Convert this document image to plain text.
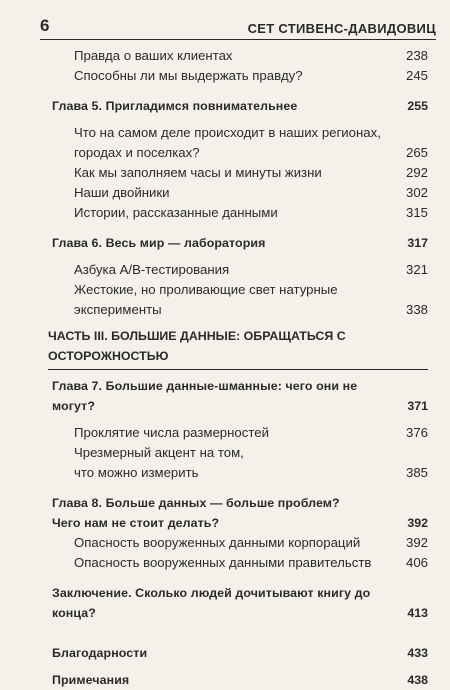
6	СЕТ СТИВЕНС-ДАВИДОВИЦ
Правда о ваших клиентах	238
Способны ли мы выдержать правду?	245
Глава 5. Пригладимся повнимательнее	255
Что на самом деле происходит в наших регионах,
городах и поселках?	265
Как мы заполняем часы и минуты жизни	292
Наши двойники	302
Истории, рассказанные данными	315
Глава 6. Весь мир — лаборатория	317
Азбука A/B-тестирования	321
Жестокие, но проливающие свет натурные
эксперименты	338
ЧАСТЬ III. БОЛЬШИЕ ДАННЫЕ: ОБРАЩАТЬСЯ С ОСТОРОЖНОСТЬЮ
Глава 7. Большие данные-шманные: чего они не могут?	371
Проклятие числа размерностей	376
Чрезмерный акцент на том,
что можно измерить	385
Глава 8. Больше данных — больше проблем?
Чего нам не стоит делать?	392
Опасность вооруженных данными корпораций	392
Опасность вооруженных данными правительств	406
Заключение. Сколько людей дочитывают книгу до конца?	413
Благодарности	433
Примечания	438
